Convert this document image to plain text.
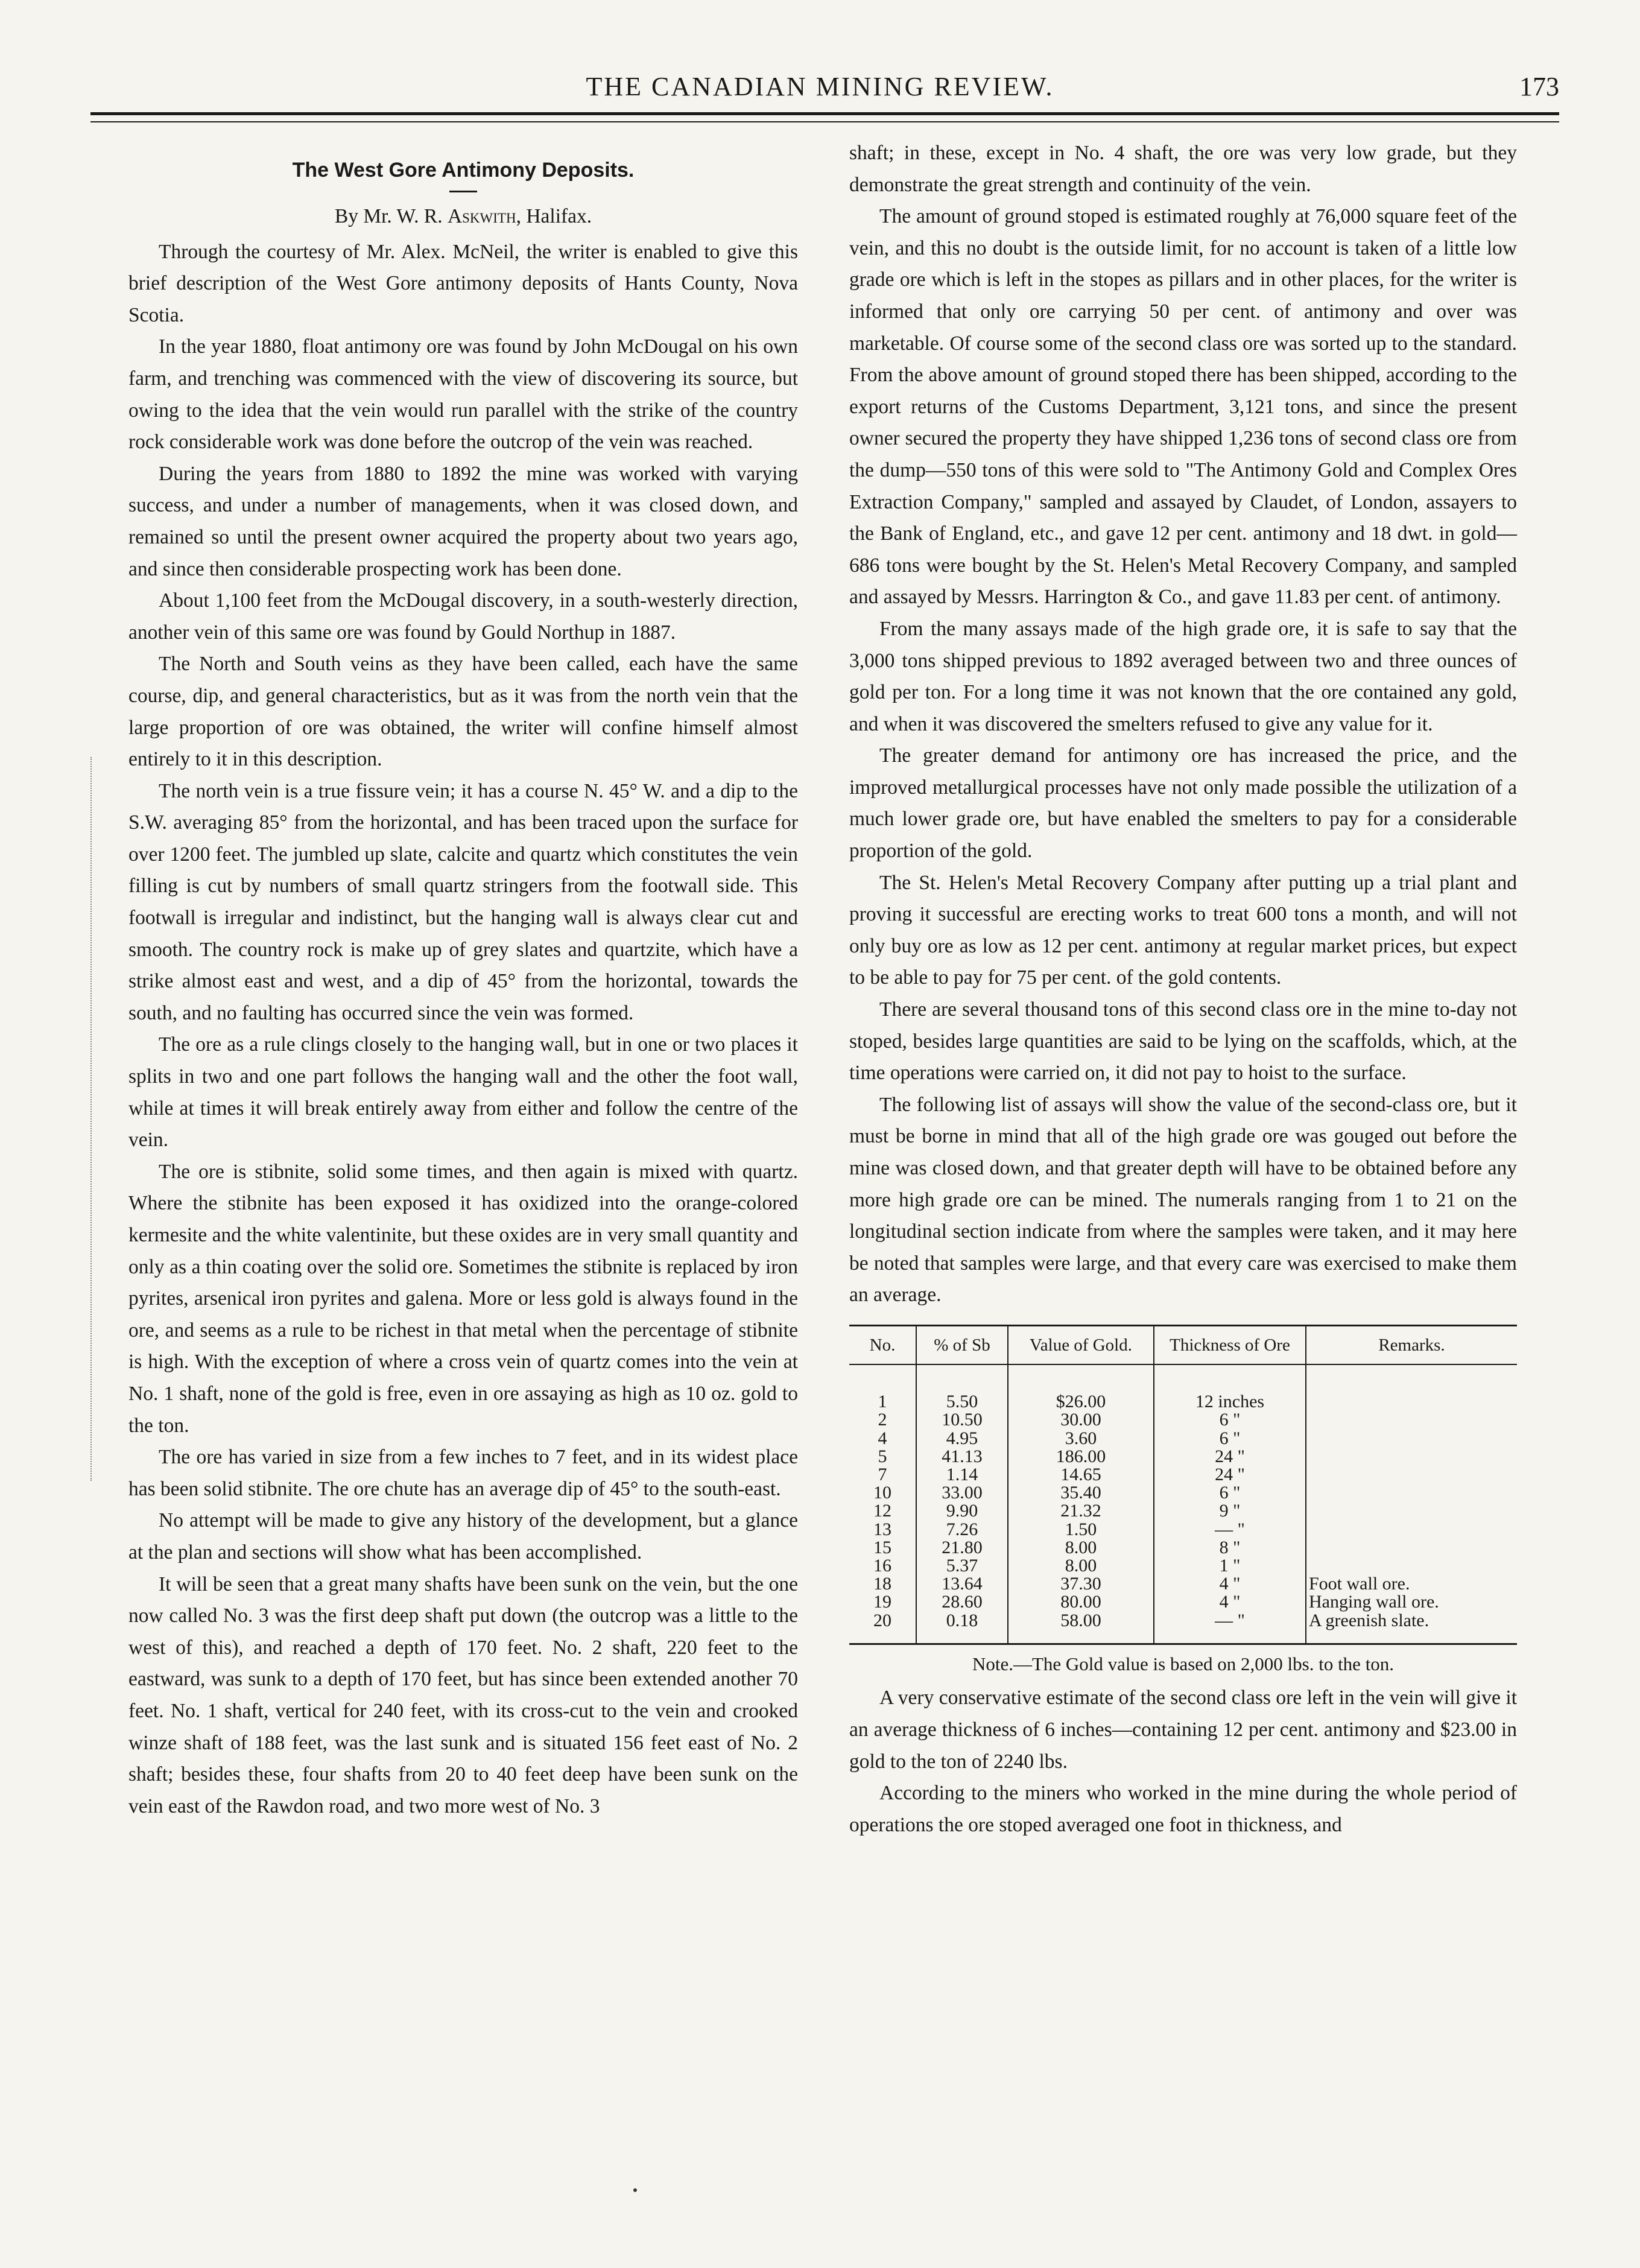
THE CANADIAN MINING REVIEW.	173
The West Gore Antimony Deposits.

By Mr. W. R. Askwith, Halifax.

Through the courtesy of Mr. Alex. McNeil, the writer is enabled to give this brief description of the West Gore antimony deposits of Hants County, Nova Scotia.

In the year 1880, float antimony ore was found by John McDougal on his own farm, and trenching was commenced with the view of discovering its source, but owing to the idea that the vein would run parallel with the strike of the country rock considerable work was done before the outcrop of the vein was reached.

During the years from 1880 to 1892 the mine was worked with varying success, and under a number of managements, when it was closed down, and remained so until the present owner acquired the property about two years ago, and since then considerable prospecting work has been done.

About 1,100 feet from the McDougal discovery, in a south-westerly direction, another vein of this same ore was found by Gould Northup in 1887.

The North and South veins as they have been called, each have the same course, dip, and general characteristics, but as it was from the north vein that the large proportion of ore was obtained, the writer will confine himself almost entirely to it in this description.

The north vein is a true fissure vein; it has a course N. 45° W. and a dip to the S.W. averaging 85° from the horizontal, and has been traced upon the surface for over 1200 feet. The jumbled up slate, calcite and quartz which constitutes the vein filling is cut by numbers of small quartz stringers from the footwall side. This footwall is irregular and indistinct, but the hanging wall is always clear cut and smooth. The country rock is make up of grey slates and quartzite, which have a strike almost east and west, and a dip of 45° from the horizontal, towards the south, and no faulting has occurred since the vein was formed.

The ore as a rule clings closely to the hanging wall, but in one or two places it splits in two and one part follows the hanging wall and the other the foot wall, while at times it will break entirely away from either and follow the centre of the vein.

The ore is stibnite, solid some times, and then again is mixed with quartz. Where the stibnite has been exposed it has oxidized into the orange-colored kermesite and the white valentinite, but these oxides are in very small quantity and only as a thin coating over the solid ore. Sometimes the stibnite is replaced by iron pyrites, arsenical iron pyrites and galena. More or less gold is always found in the ore, and seems as a rule to be richest in that metal when the percentage of stibnite is high. With the exception of where a cross vein of quartz comes into the vein at No. 1 shaft, none of the gold is free, even in ore assaying as high as 10 oz. gold to the ton.

The ore has varied in size from a few inches to 7 feet, and in its widest place has been solid stibnite. The ore chute has an average dip of 45° to the south-east.

No attempt will be made to give any history of the development, but a glance at the plan and sections will show what has been accomplished.

It will be seen that a great many shafts have been sunk on the vein, but the one now called No. 3 was the first deep shaft put down (the outcrop was a little to the west of this), and reached a depth of 170 feet. No. 2 shaft, 220 feet to the eastward, was sunk to a depth of 170 feet, but has since been extended another 70 feet. No. 1 shaft, vertical for 240 feet, with its cross-cut to the vein and crooked winze shaft of 188 feet, was the last sunk and is situated 156 feet east of No. 2 shaft; besides these, four shafts from 20 to 40 feet deep have been sunk on the vein east of the Rawdon road, and two more west of No. 3

shaft; in these, except in No. 4 shaft, the ore was very low grade, but they demonstrate the great strength and continuity of the vein.

The amount of ground stoped is estimated roughly at 76,000 square feet of the vein, and this no doubt is the outside limit, for no account is taken of a little low grade ore which is left in the stopes as pillars and in other places, for the writer is informed that only ore carrying 50 per cent. of antimony and over was marketable. Of course some of the second class ore was sorted up to the standard. From the above amount of ground stoped there has been shipped, according to the export returns of the Customs Department, 3,121 tons, and since the present owner secured the property they have shipped 1,236 tons of second class ore from the dump—550 tons of this were sold to "The Antimony Gold and Complex Ores Extraction Company," sampled and assayed by Claudet, of London, assayers to the Bank of England, etc., and gave 12 per cent. antimony and 18 dwt. in gold—686 tons were bought by the St. Helen's Metal Recovery Company, and sampled and assayed by Messrs. Harrington & Co., and gave 11.83 per cent. of antimony.

From the many assays made of the high grade ore, it is safe to say that the 3,000 tons shipped previous to 1892 averaged between two and three ounces of gold per ton. For a long time it was not known that the ore contained any gold, and when it was discovered the smelters refused to give any value for it.

The greater demand for antimony ore has increased the price, and the improved metallurgical processes have not only made possible the utilization of a much lower grade ore, but have enabled the smelters to pay for a considerable proportion of the gold.

The St. Helen's Metal Recovery Company after putting up a trial plant and proving it successful are erecting works to treat 600 tons a month, and will not only buy ore as low as 12 per cent. antimony at regular market prices, but expect to be able to pay for 75 per cent. of the gold contents.

There are several thousand tons of this second class ore in the mine to-day not stoped, besides large quantities are said to be lying on the scaffolds, which, at the time operations were carried on, it did not pay to hoist to the surface.

The following list of assays will show the value of the second-class ore, but it must be borne in mind that all of the high grade ore was gouged out before the mine was closed down, and that greater depth will have to be obtained before any more high grade ore can be mined. The numerals ranging from 1 to 21 on the longitudinal section indicate from where the samples were taken, and it may here be noted that samples were large, and that every care was exercised to make them an average.

No.	% of Sb	Value of Gold.	Thickness of Ore	Remarks.
1	5.50	$26.00	12 inches	
2	10.50	30.00	6 "	
4	4.95	3.60	6 "	
5	41.13	186.00	24 "	
7	1.14	14.65	24 "	
10	33.00	35.40	6 "	
12	9.90	21.32	9 "	
13	7.26	1.50	— "	
15	21.80	8.00	8 "	
16	5.37	8.00	1 "	
18	13.64	37.30	4 "	Foot wall ore.
19	28.60	80.00	4 "	Hanging wall ore.
20	0.18	58.00	— "	A greenish slate.

Note.—The Gold value is based on 2,000 lbs. to the ton.

A very conservative estimate of the second class ore left in the vein will give it an average thickness of 6 inches—containing 12 per cent. antimony and $23.00 in gold to the ton of 2240 lbs.

According to the miners who worked in the mine during the whole period of operations the ore stoped averaged one foot in thickness, and
